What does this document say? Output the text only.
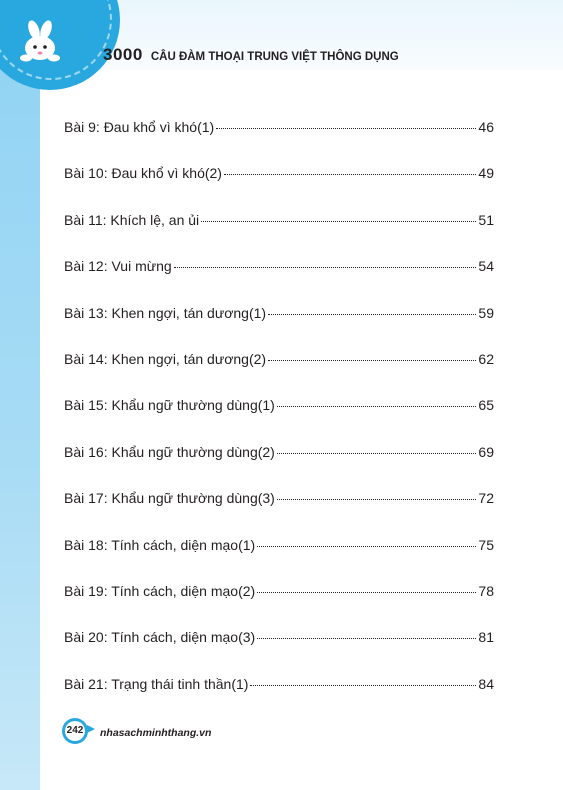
3000 CÂU ĐÀM THOẠI TRUNG VIỆT THÔNG DỤNG
Bài 9: Đau khổ vì khó(1)	46
Bài 10: Đau khổ vì khó(2)	49
Bài 11: Khích lệ, an ủi	51
Bài 12: Vui mừng	54
Bài 13: Khen ngợi, tán dương(1)	59
Bài 14: Khen ngợi, tán dương(2)	62
Bài 15: Khẩu ngữ thường dùng(1)	65
Bài 16: Khẩu ngữ thường dùng(2)	69
Bài 17: Khẩu ngữ thường dùng(3)	72
Bài 18: Tính cách, diện mạo(1)	75
Bài 19: Tính cách, diện mạo(2)	78
Bài 20: Tính cách, diện mạo(3)	81
Bài 21: Trạng thái tinh thần(1)	84
242	nhasachminhthang.vn
